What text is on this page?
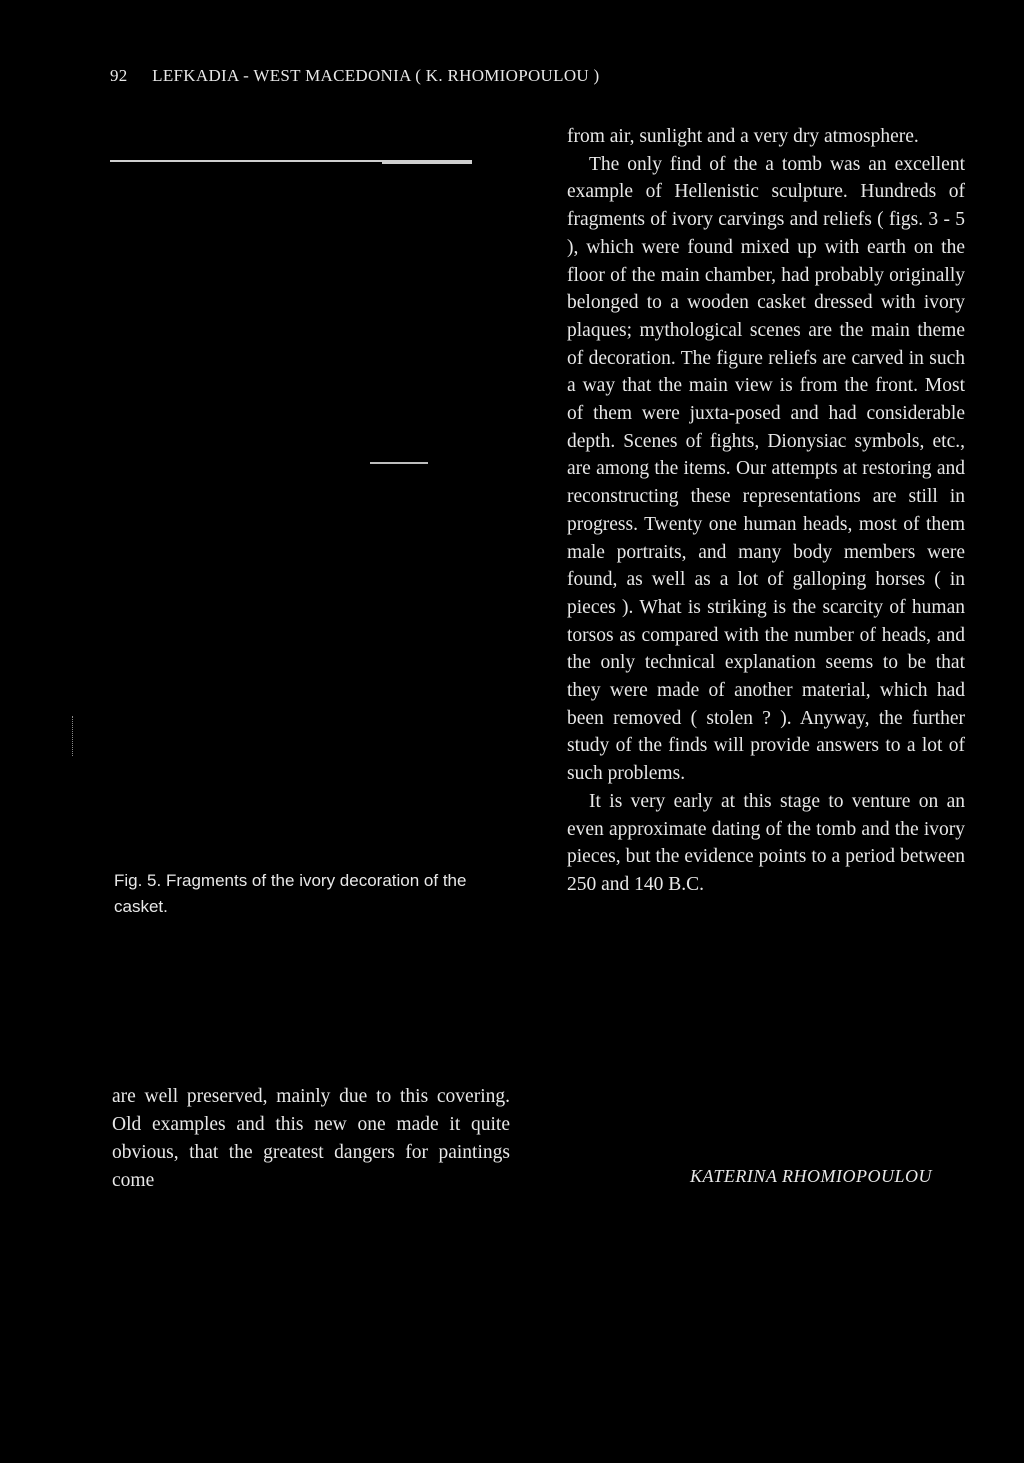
92 LEFKADIA - WEST MACEDONIA ( K. RHOMIOPOULOU )
Fig. 5. Fragments of the ivory decoration of the casket.
are well preserved, mainly due to this covering. Old examples and this new one made it quite obvious, that the greatest dangers for paintings come

from air, sunlight and a very dry atmosphere.

The only find of the a tomb was an excellent example of Hellenistic sculpture. Hundreds of fragments of ivory carvings and reliefs ( figs. 3 - 5 ), which were found mixed up with earth on the floor of the main chamber, had probably originally belonged to a wooden casket dressed with ivory plaques; mythological scenes are the main theme of decoration. The figure reliefs are carved in such a way that the main view is from the front. Most of them were juxta-posed and had considerable depth. Scenes of fights, Dionysiac symbols, etc., are among the items. Our attempts at restoring and reconstructing these representations are still in progress. Twenty one human heads, most of them male portraits, and many body members were found, as well as a lot of galloping horses ( in pieces ). What is striking is the scarcity of human torsos as compared with the number of heads, and the only technical explanation seems to be that they were made of another material, which had been removed ( stolen ? ). Anyway, the further study of the finds will provide answers to a lot of such problems.

It is very early at this stage to venture on an even approximate dating of the tomb and the ivory pieces, but the evidence points to a period between 250 and 140 B.C.

KATERINA RHOMIOPOULOU
